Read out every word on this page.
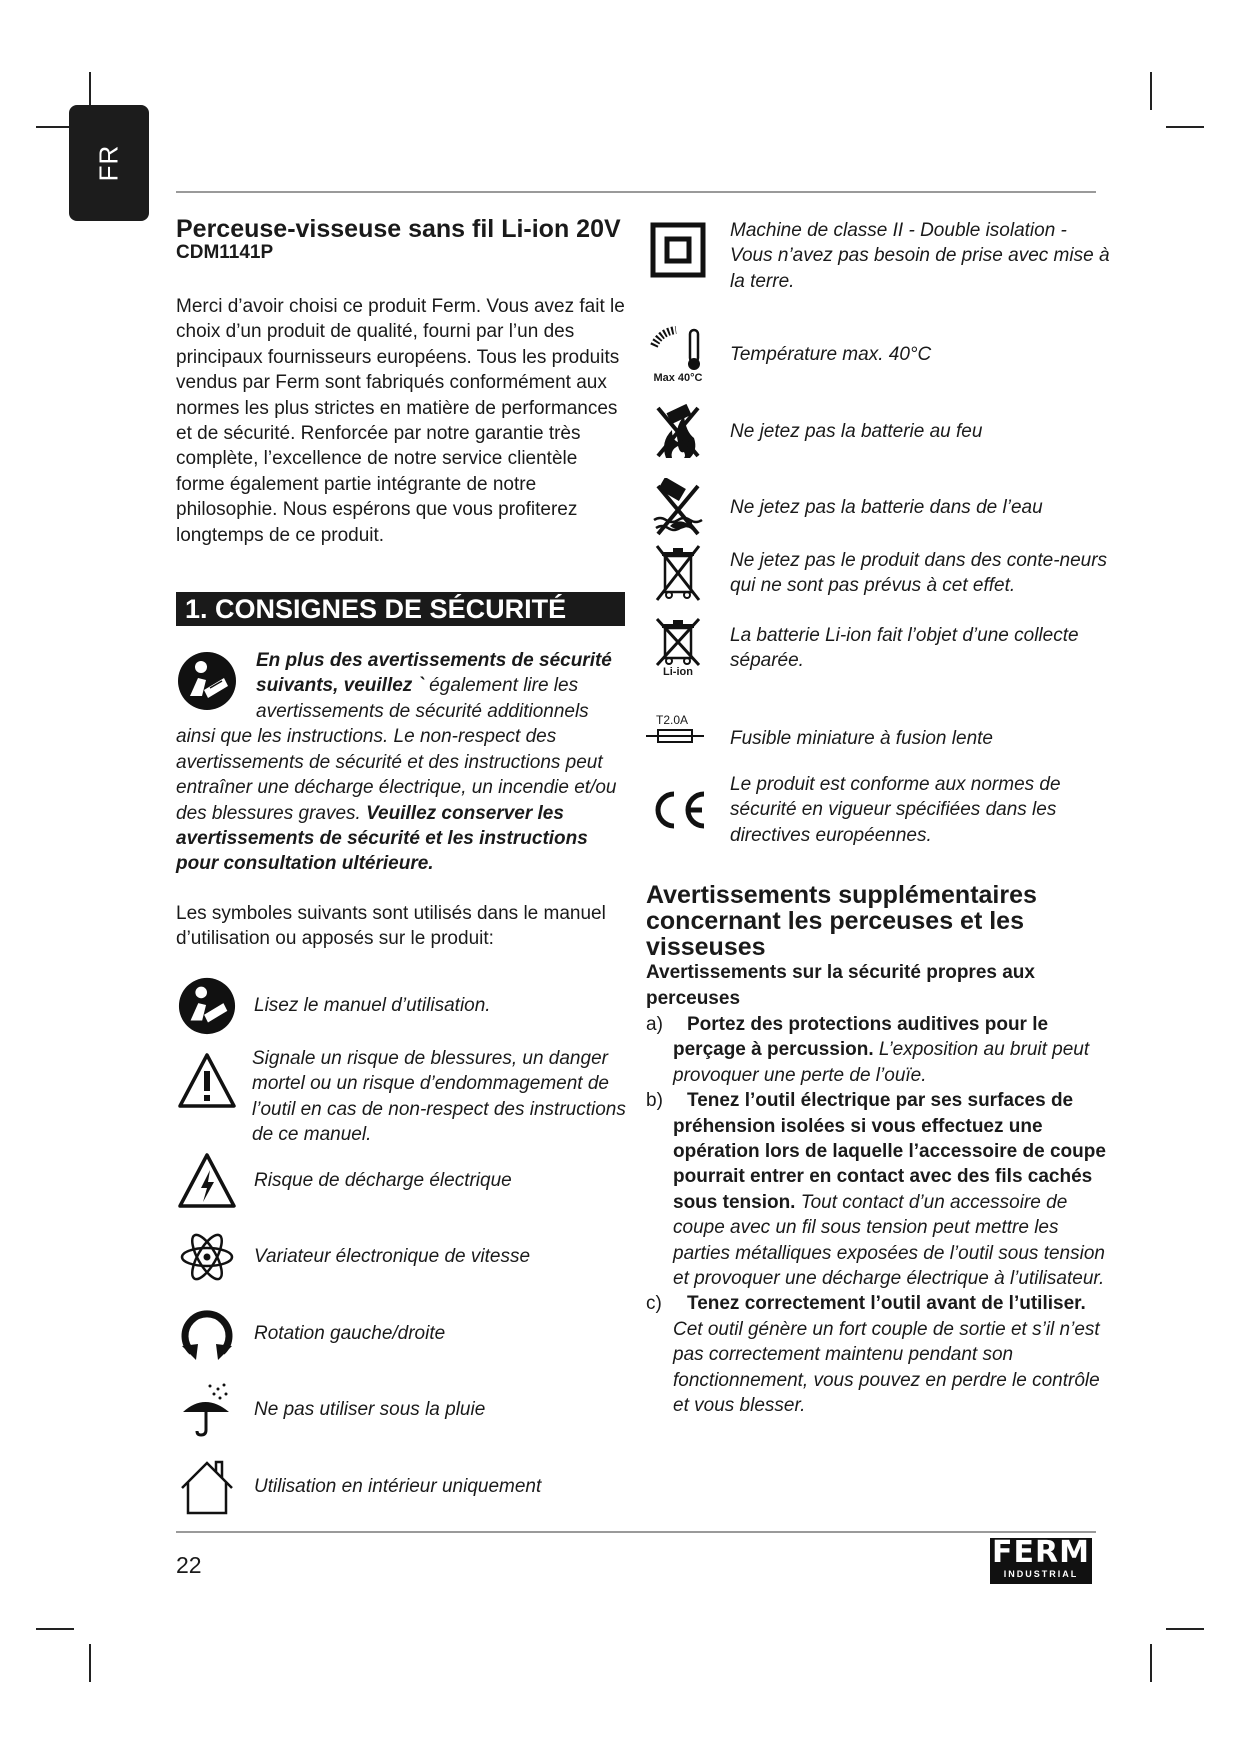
FR
Perceuse-visseuse sans fil Li-ion 20V
CDM1141P

Merci d’avoir choisi ce produit Ferm. Vous avez fait le choix d’un produit de qualité, fourni par l’un des principaux fournisseurs européens. Tous les produits vendus par Ferm sont fabriqués conformément aux normes les plus strictes en matière de performances et de sécurité. Renforcée par notre garantie très complète, l’excellence de notre service clientèle forme également partie intégrante de notre philosophie. Nous espérons que vous profiterez longtemps de ce produit.

1. CONSIGNES DE SÉCURITÉ
En plus des avertissements de sécurité suivants, veuillez ` également lire les avertissements de sécurité additionnels ainsi que les instructions. Le non-respect des avertissements de sécurité et des instructions peut entraîner une décharge électrique, un incendie et/ou des blessures graves. Veuillez conserver les avertissements de sécurité et les instructions pour consultation ultérieure.

Les symboles suivants sont utilisés dans le manuel d’utilisation ou apposés sur le produit:

Lisez le manuel d’utilisation.
Signale un risque de blessures, un danger mortel ou un risque d’endommagement de l’outil en cas de non-respect des instructions de ce manuel.
Risque de décharge électrique
Variateur électronique de vitesse
Rotation gauche/droite
Ne pas utiliser sous la pluie
Utilisation en intérieur uniquement
Machine de classe II - Double isolation - Vous n’avez pas besoin de prise avec mise à la terre.
Max 40°C
Température max. 40°C
Ne jetez pas la batterie au feu
Ne jetez pas la batterie dans de l’eau
Ne jetez pas le produit dans des conte-neurs qui ne sont pas prévus à cet effet.
Li-ion
La batterie Li-ion fait l’objet d’une collecte séparée.
T2.0A
Fusible miniature à fusion lente
Le produit est conforme aux normes de sécurité en vigueur spécifiées dans les directives européennes.
Avertissements supplémentaires concernant les perceuses et les visseuses
Avertissements sur la sécurité propres aux perceuses
a) Portez des protections auditives pour le perçage à percussion. L’exposition au bruit peut provoquer une perte de l’ouïe.
b) Tenez l’outil électrique par ses surfaces de préhension isolées si vous effectuez une opération lors de laquelle l’accessoire de coupe pourrait entrer en contact avec des fils cachés sous tension. Tout contact d’un accessoire de coupe avec un fil sous tension peut mettre les parties métalliques exposées de l’outil sous tension et provoquer une décharge électrique à l’utilisateur.
c) Tenez correctement l’outil avant de l’utiliser. Cet outil génère un fort couple de sortie et s’il n’est pas correctement maintenu pendant son fonctionnement, vous pouvez en perdre le contrôle et vous blesser.
22	FERM
INDUSTRIAL
